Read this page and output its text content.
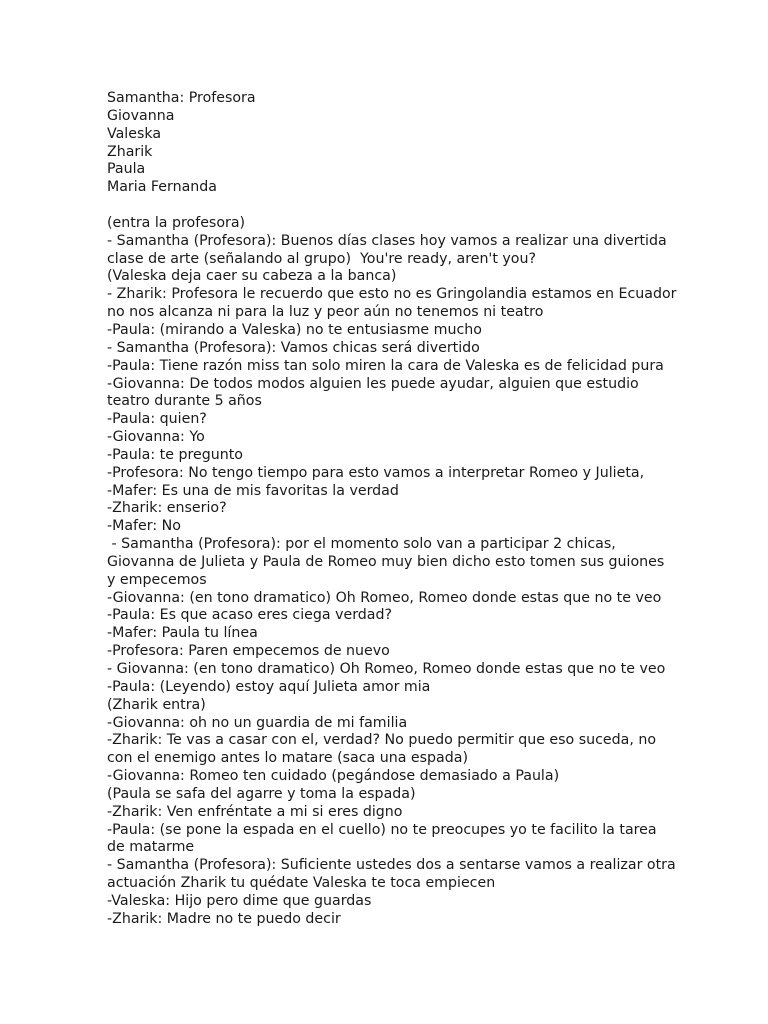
Samantha: Profesora
Giovanna
Valeska
Zharik
Paula
Maria Fernanda
(entra la profesora)
- Samantha (Profesora): Buenos días clases hoy vamos a realizar una divertida
clase de arte (señalando al grupo)  You're ready, aren't you?
(Valeska deja caer su cabeza a la banca)
- Zharik: Profesora le recuerdo que esto no es Gringolandia estamos en Ecuador
no nos alcanza ni para la luz y peor aún no tenemos ni teatro
-Paula: (mirando a Valeska) no te entusiasme mucho
- Samantha (Profesora): Vamos chicas será divertido
-Paula: Tiene razón miss tan solo miren la cara de Valeska es de felicidad pura
-Giovanna: De todos modos alguien les puede ayudar, alguien que estudio
teatro durante 5 años
-Paula: quien?
-Giovanna: Yo
-Paula: te pregunto
-Profesora: No tengo tiempo para esto vamos a interpretar Romeo y Julieta,
-Mafer: Es una de mis favoritas la verdad
-Zharik: enserio?
-Mafer: No
- Samantha (Profesora): por el momento solo van a participar 2 chicas,
Giovanna de Julieta y Paula de Romeo muy bien dicho esto tomen sus guiones
y empecemos
-Giovanna: (en tono dramatico) Oh Romeo, Romeo donde estas que no te veo
-Paula: Es que acaso eres ciega verdad?
-Mafer: Paula tu línea
-Profesora: Paren empecemos de nuevo
- Giovanna: (en tono dramatico) Oh Romeo, Romeo donde estas que no te veo
-Paula: (Leyendo) estoy aquí Julieta amor mia
(Zharik entra)
-Giovanna: oh no un guardia de mi familia
-Zharik: Te vas a casar con el, verdad? No puedo permitir que eso suceda, no
con el enemigo antes lo matare (saca una espada)
-Giovanna: Romeo ten cuidado (pegándose demasiado a Paula)
(Paula se safa del agarre y toma la espada)
-Zharik: Ven enfréntate a mi si eres digno
-Paula: (se pone la espada en el cuello) no te preocupes yo te facilito la tarea
de matarme
- Samantha (Profesora): Suficiente ustedes dos a sentarse vamos a realizar otra
actuación Zharik tu quédate Valeska te toca empiecen
-Valeska: Hijo pero dime que guardas
-Zharik: Madre no te puedo decir
